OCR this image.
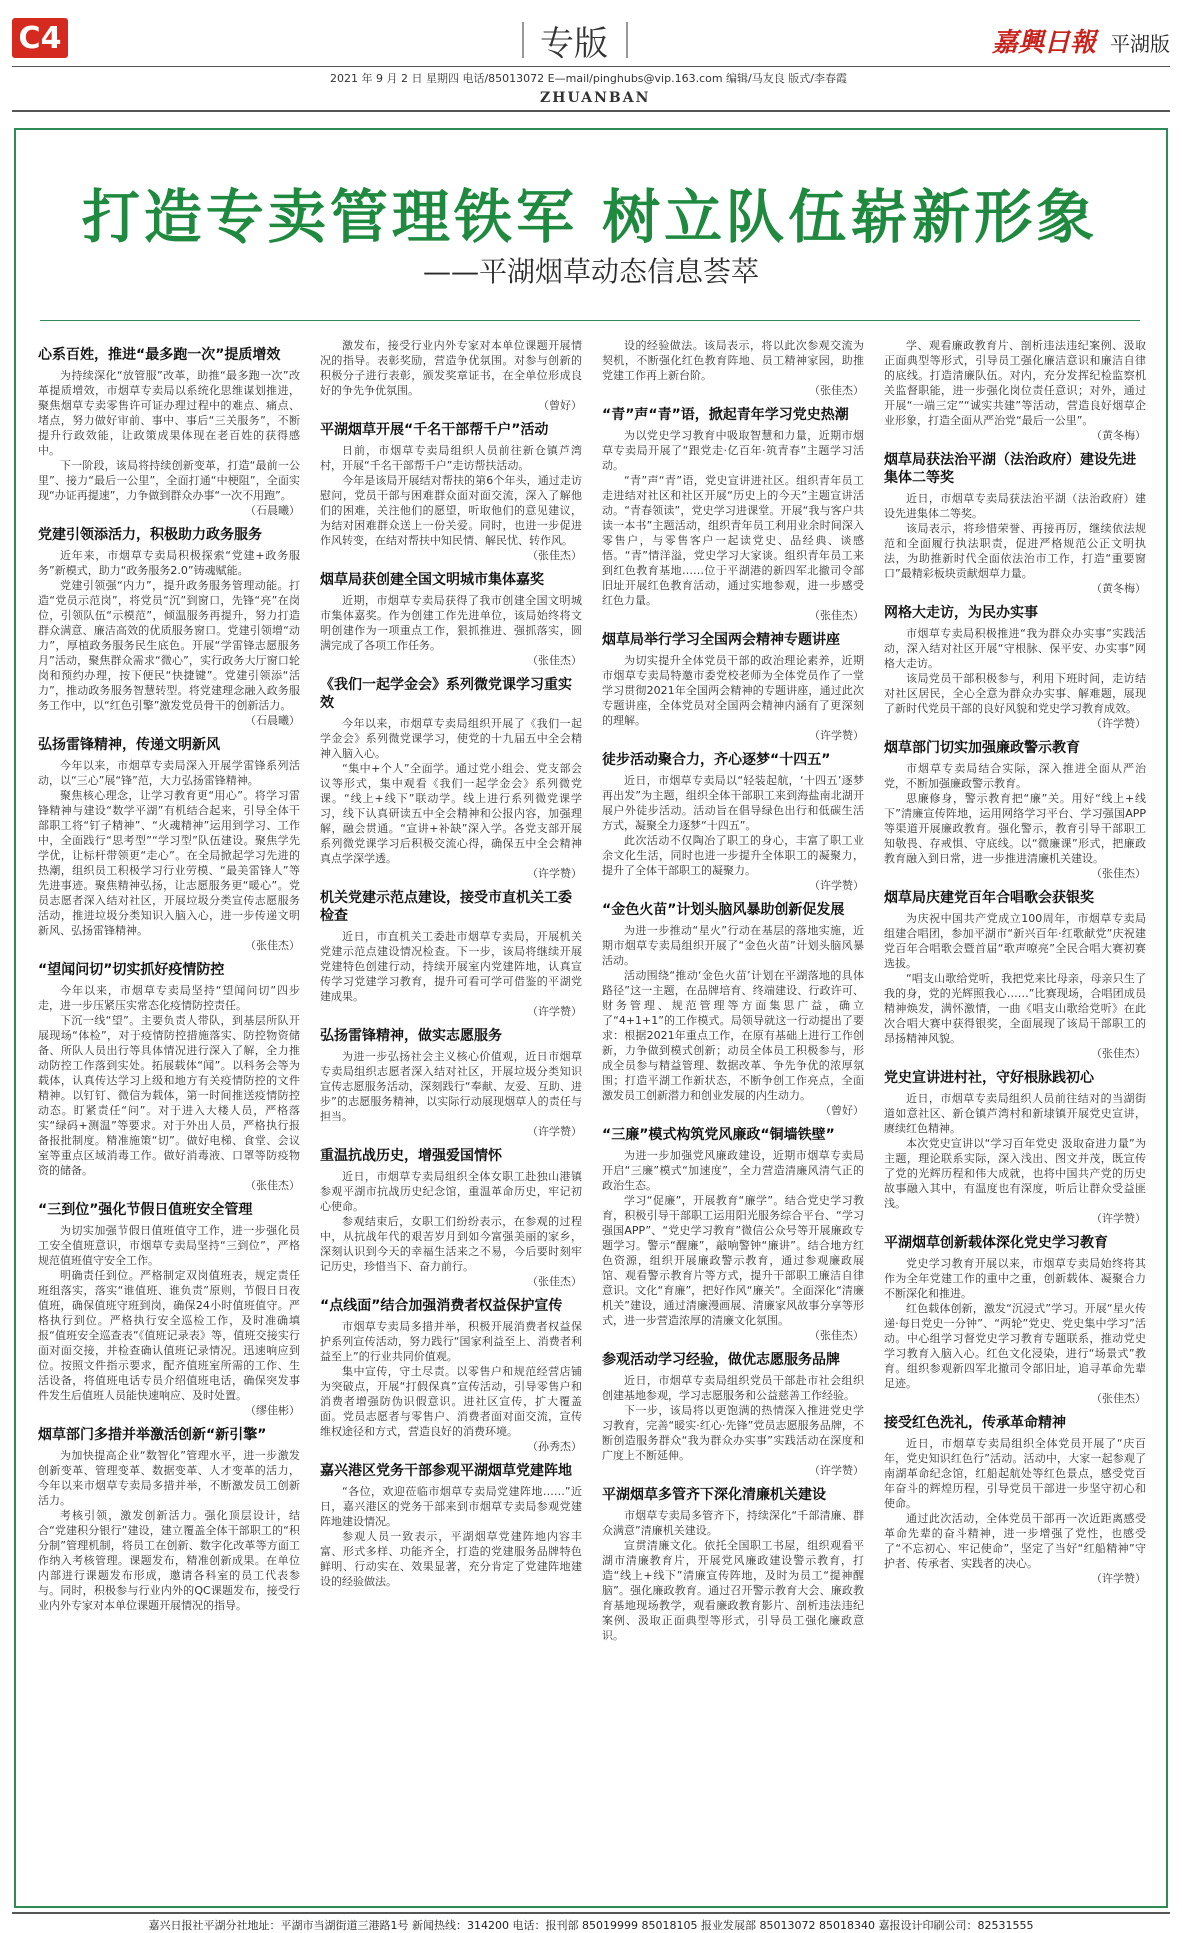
C4	专版	嘉興日報 平湖版
2021 年 9 月 2 日 星期四 电话/85013072 E—mail/pinghubs@vip.163.com 编辑/马友良 版式/李春霞
ZHUANBAN
打造专卖管理铁军 树立队伍崭新形象
——平湖烟草动态信息荟萃
心系百姓，推进“最多跑一次”提质增效

为持续深化“放管服”改革，助推“最多跑一次”改革提质增效，市烟草专卖局以系统化思维谋划推进，聚焦烟草专卖零售许可证办理过程中的难点、痛点、堵点，努力做好审前、事中、事后“三关服务”，不断提升行政效能，让政策成果体现在老百姓的获得感中。

下一阶段，该局将持续创新变革，打造“最前一公里”、接力“最后一公里”，全面打通“中梗阻”，全面实现“办证再提速”，力争做到群众办事“一次不用跑”。

（石晨曦）
党建引领添活力，积极助力政务服务

近年来，市烟草专卖局积极探索“党建+政务服务”新模式，助力“政务服务2.0”铸魂赋能。

党建引领强“内力”，提升政务服务管理动能。打造“党员示范岗”，将党员“沉”到窗口，先锋“亮”在岗位，引领队伍“示模范”，倾温服务再提升，努力打造群众满意、廉洁高效的优质服务窗口。党建引领增“动力”，厚植政务服务民生底色。开展“学雷锋志愿服务月”活动，聚焦群众需求“微心”，实行政务大厅窗口轮岗和预约办理，按下便民“快捷键”。党建引领添“活力”，推动政务服务智慧转型。将党建理念融入政务服务工作中，以“红色引擎”激发党员骨干的创新活力。

（石晨曦）
弘扬雷锋精神，传递文明新风

今年以来，市烟草专卖局深入开展学雷锋系列活动，以“三心”展“锋”范，大力弘扬雷锋精神。

聚焦核心理念，让学习教育更“用心”。将学习雷锋精神与建设“数学平湖”有机结合起来，引导全体干部职工将“钉子精神”、“火魂精神”运用到学习、工作中，全面践行“思考型”“学习型”队伍建设。聚焦学先学优，让标杆带领更“走心”。在全局掀起学习先进的热潮，组织员工积极学习行业劳模、“最美雷锋人”等先进事迹。聚焦精神弘扬，让志愿服务更“暖心”。党员志愿者深入结对社区，开展垃圾分类宣传志愿服务活动，推进垃圾分类知识入脑入心，进一步传递文明新风、弘扬雷锋精神。

（张佳杰）
“望闻问切”切实抓好疫情防控

今年以来，市烟草专卖局坚持“望闻问切”四步走，进一步压紧压实常态化疫情防控责任。

下沉一线“望”。主要负责人带队，到基层所队开展现场“体检”，对于疫情防控措施落实、防控物资储备、所队人员出行等具体情况进行深入了解，全力推动防控工作落到实处。拓展载体“闻”。以科务会等为载体，认真传达学习上级和地方有关疫情防控的文件精神。以钉钉、微信为载体，第一时间推送疫情防控动态。盯紧责任“问”。对于进入大楼人员，严格落实“绿码+测温”等要求。对于外出人员，严格执行报备报批制度。精准施策“切”。做好电梯、食堂、会议室等重点区域消毒工作。做好消毒液、口罩等防疫物资的储备。

（张佳杰）
“三到位”强化节假日值班安全管理

为切实加强节假日值班值守工作，进一步强化员工安全值班意识，市烟草专卖局坚持“三到位”，严格规范值班值守安全工作。

明确责任到位。严格制定双岗值班表，规定责任班组落实，落实“谁值班、谁负责”原则，节假日日夜值班，确保值班守班到岗，确保24小时值班值守。严格执行到位。严格执行安全巡检工作，及时准确填报“值班安全巡查表”《值班记录表》等，值班交接实行面对面交接，并检查确认值班记录情况。迅速响应到位。按照文件指示要求，配齐值班室所需的工作、生活设备，将值班电话专员介绍值班电话，确保突发事件发生后值班人员能快速响应、及时处置。

（缪佳彬）
烟草部门多措并举激活创新“新引擎”

为加快提高企业“数智化”管理水平，进一步激发创新变革、管理变革、数据变革、人才变革的活力，今年以来市烟草专卖局多措并举，不断激发员工创新活力。

考核引领，激发创新活力。强化顶层设计，结合“党建积分银行”建设，建立覆盖全体干部职工的“积分制”管理机制，将员工在创新、数字化改革等方面工作纳入考核管理。课题发布，精准创新成果。在单位内部进行课题发布形成，邀请各科室的员工代表参与。同时，积极参与行业内外的QC课题发布，接受行业内外专家对本单位课题开展情况的指导。

激发布，接受行业内外专家对本单位课题开展情况的指导。表彰奖励，营造争优氛围。对参与创新的积极分子进行表彰，颁发奖章证书，在全单位形成良好的争先争优氛围。

（曾好）
平湖烟草开展“千名干部帮千户”活动

日前，市烟草专卖局组织人员前往新仓镇芦湾村，开展“千名干部帮千户”走访帮扶活动。

今年是该局开展结对帮扶的第6个年头，通过走访慰问，党员干部与困难群众面对面交流，深入了解他们的困难，关注他们的愿望，听取他们的意见建议，为结对困难群众送上一份关爱。同时，也进一步促进作风转变，在结对帮扶中知民情、解民忧、转作风。

（张佳杰）
烟草局获创建全国文明城市集体嘉奖

近期，市烟草专卖局获得了我市创建全国文明城市集体嘉奖。作为创建工作先进单位，该局始终将文明创建作为一项重点工作，狠抓推进、强抓落实，圆满完成了各项工作任务。

（张佳杰）
《我们一起学金会》系列微党课学习重实效

今年以来，市烟草专卖局组织开展了《我们一起学金会》系列微党课学习，使党的十九届五中全会精神入脑入心。

“集中+个人”全面学。通过党小组会、党支部会议等形式，集中观看《我们一起学金会》系列微党课。“线上+线下”联动学。线上进行系列微党课学习，线下认真研读五中全会精神和公报内容，加强理解，融会贯通。“宣讲+补缺”深入学。各党支部开展系列微党课学习后积极交流心得，确保五中全会精神真点学深学透。

（许学赞）
机关党建示范点建设，接受市直机关工委检查

近日，市直机关工委赴市烟草专卖局，开展机关党建示范点建设情况检查。下一步，该局将继续开展党建特色创建行动，持续开展室内党建阵地，认真宣传学习党建学习教育，提升可看可学可借鉴的平湖党建成果。

（许学赞）
弘扬雷锋精神，做实志愿服务

为进一步弘扬社会主义核心价值观，近日市烟草专卖局组织志愿者深入结对社区，开展垃圾分类知识宣传志愿服务活动，深刻践行“奉献、友爱、互助、进步”的志愿服务精神，以实际行动展现烟草人的责任与担当。

（许学赞）
重温抗战历史，增强爱国情怀

近日，市烟草专卖局组织全体女职工赴独山港镇参观平湖市抗战历史纪念馆，重温革命历史，牢记初心使命。

参观结束后，女职工们纷纷表示，在参观的过程中，从抗战年代的艰苦岁月到如今富强美丽的家乡，深刻认识到今天的幸福生活来之不易，今后要时刻牢记历史，珍惜当下、奋力前行。

（张佳杰）
“点线面”结合加强消费者权益保护宣传

市烟草专卖局多措并举，积极开展消费者权益保护系列宣传活动，努力践行“国家利益至上、消费者利益至上”的行业共同价值观。

集中宣传，守土尽责。以零售户和规范经营店铺为突破点，开展“打假保真”宣传活动，引导零售户和消费者增强防伪识假意识。进社区宣传，扩大覆盖面。党员志愿者与零售户、消费者面对面交流，宣传维权途径和方式，营造良好的消费环境。

（孙秀杰）
嘉兴港区党务干部参观平湖烟草党建阵地

“各位，欢迎莅临市烟草专卖局党建阵地……”近日，嘉兴港区的党务干部来到市烟草专卖局参观党建阵地建设情况。

参观人员一致表示，平湖烟草党建阵地内容丰富、形式多样、功能齐全，打造的党建服务品牌特色鲜明、行动实在、效果显著，充分肯定了党建阵地建设的经验做法。

设的经验做法。该局表示，将以此次参观交流为契机，不断强化红色教育阵地、员工精神家园，助推党建工作再上新台阶。

（张佳杰）
“青”声“青”语，掀起青年学习党史热潮

为以党史学习教育中吸取智慧和力量，近期市烟草专卖局开展了“跟党走·亿百年·筑青春”主题学习活动。

“青”声“青”语，党史宣讲进社区。组织青年员工走进结对社区和社区开展“历史上的今天”主题宣讲活动。“青春领读”，党史学习进课堂。开展“我与客户共读一本书”主题活动，组织青年员工利用业余时间深入零售户，与零售客户一起读党史、品经典、谈感悟。“青”情洋溢，党史学习大家谈。组织青年员工来到红色教育基地……位于平湖港的新四军北撤司令部旧址开展红色教育活动，通过实地参观，进一步感受红色力量。

（张佳杰）
烟草局举行学习全国两会精神专题讲座

为切实提升全体党员干部的政治理论素养，近期市烟草专卖局特邀市委党校老师为全体党员作了一堂学习贯彻2021年全国两会精神的专题讲座，通过此次专题讲座，全体党员对全国两会精神内涵有了更深刻的理解。

（许学赞）
徒步活动聚合力，齐心逐梦“十四五”

近日，市烟草专卖局以“轻装起航，‘十四五’逐梦再出发”为主题，组织全体干部职工来到海盐南北湖开展户外徒步活动。活动旨在倡导绿色出行和低碳生活方式，凝聚全力逐梦“十四五”。

此次活动不仅陶冶了职工的身心，丰富了职工业余文化生活，同时也进一步提升全体职工的凝聚力，提升了全体干部职工的凝聚力。

（许学赞）
“金色火苗”计划头脑风暴助创新促发展

为进一步推动“星火”行动在基层的落地实施，近期市烟草专卖局组织开展了“金色火苗”计划头脑风暴活动。

活动围绕“推动‘金色火苗’计划在平湖落地的具体路径”这一主题，在品牌培育、终端建设、行政许可、财务管理、规范管理等方面集思广益，确立了“4+1+1”的工作模式。局领导就这一行动提出了要求：根据2021年重点工作，在原有基础上进行工作创新，力争做到模式创新；动员全体员工积极参与，形成全员参与精益管理、数据改革、争先争优的浓厚氛围；打造平湖工作新状态，不断争创工作亮点，全面激发员工创新潜力和创业发展的内生动力。

（曾好）
“三廉”模式构筑党风廉政“铜墙铁壁”

为进一步加强党风廉政建设，近期市烟草专卖局开启“三廉”模式“加速度”，全力营造清廉风清气正的政治生态。

学习“促廉”，开展教育“廉学”。结合党史学习教育，积极引导干部职工运用阳光服务综合平台、“学习强国APP”、“党史学习教育”微信公众号等开展廉政专题学习。警示“醒廉”，敲响警钟“廉讲”。结合地方红色资源，组织开展廉政警示教育，通过参观廉政展馆、观看警示教育片等方式，提升干部职工廉洁自律意识。文化“育廉”，把好作风“廉关”。全面深化“清廉机关”建设，通过清廉漫画展、清廉家风故事分享等形式，进一步营造浓厚的清廉文化氛围。

（张佳杰）
参观活动学习经验，做优志愿服务品牌

近日，市烟草专卖局组织党员干部赴市社会组织创建基地参观，学习志愿服务和公益慈善工作经验。

下一步，该局将以更饱满的热情深入推进党史学习教育，完善“暖实·红心·先锋”党员志愿服务品牌，不断创造服务群众“我为群众办实事”实践活动在深度和广度上不断延伸。

（许学赞）
平湖烟草多管齐下深化清廉机关建设

市烟草专卖局多管齐下，持续深化“千部清廉、群众满意”清廉机关建设。

宣贯清廉文化。依托全国职工书屋，组织观看平湖市清廉教育片，开展党风廉政建设警示教育，打造“线上+线下”清廉宣传阵地，及时为员工“提神醒脑”。强化廉政教育。通过召开警示教育大会、廉政教育基地现场教学，观看廉政教育影片、剖析违法违纪案例、汲取正面典型等形式，引导员工强化廉政意识。

学、观看廉政教育片、剖析违法违纪案例、汲取正面典型等形式，引导员工强化廉洁意识和廉洁自律的底线。打造清廉队伍。对内，充分发挥纪检监察机关监督职能，进一步强化岗位责任意识；对外，通过开展“一端三定”“诚实共建”等活动，营造良好烟草企业形象，打造全面从严治党“最后一公里”。

（黄冬梅）
烟草局获法治平湖（法治政府）建设先进集体二等奖

近日，市烟草专卖局获法治平湖（法治政府）建设先进集体二等奖。

该局表示，将珍惜荣誉、再接再厉，继续依法规范和全面履行执法职责，促进严格规范公正文明执法，为助推新时代全面依法治市工作，打造“重要窗口”最精彩板块贡献烟草力量。

（黄冬梅）
网格大走访，为民办实事

市烟草专卖局积极推进“我为群众办实事”实践活动，深入结对社区开展“守根脉、保平安、办实事”网格大走访。

该局党员干部积极参与，利用下班时间，走访结对社区居民，全心全意为群众办实事、解难题，展现了新时代党员干部的良好风貌和党史学习教育成效。

（许学赞）
烟草部门切实加强廉政警示教育

市烟草专卖局结合实际，深入推进全面从严治党，不断加强廉政警示教育。

思廉修身，警示教育把“廉”关。用好“线上+线下”清廉宣传阵地，运用网络学习平台、学习强国APP等渠道开展廉政教育。强化警示，教育引导干部职工知敬畏、存戒惧、守底线。以“微廉课”形式，把廉政教育融入到日常，进一步推进清廉机关建设。

（张佳杰）
烟草局庆建党百年合唱歌会获银奖

为庆祝中国共产党成立100周年，市烟草专卖局组建合唱团，参加平湖市“新兴百年·红歌献党”庆祝建党百年合唱歌会暨首届“歌声嘹亮”全民合唱大赛初赛选拔。

“唱支山歌给党听，我把党来比母亲，母亲只生了我的身，党的光辉照我心……”比赛现场，合唱团成员精神焕发，满怀激情，一曲《唱支山歌给党听》在此次合唱大赛中获得银奖，全面展现了该局干部职工的昂扬精神风貌。

（张佳杰）
党史宣讲进村社，守好根脉践初心

近日，市烟草专卖局组织人员前往结对的当湖街道如意社区、新仓镇芦湾村和新埭镇开展党史宣讲，赓续红色精神。

本次党史宣讲以“学习百年党史 汲取奋进力量”为主题，理论联系实际，深入浅出、图文并茂，既宣传了党的光辉历程和伟大成就，也将中国共产党的历史故事融入其中，有温度也有深度，听后让群众受益匪浅。

（许学赞）
平湖烟草创新载体深化党史学习教育

党史学习教育开展以来，市烟草专卖局始终将其作为全年党建工作的重中之重，创新载体、凝聚合力不断深化和推进。

红色载体创新，激发“沉浸式”学习。开展“星火传递·每日党史一分钟”、“两轮”党史、党史集中学习”活动。中心组学习督党史学习教育专题联系，推动党史学习教育入脑入心。红色文化浸染，进行“场景式”教育。组织参观新四军北撤司令部旧址，追寻革命先辈足迹。

（张佳杰）
接受红色洗礼，传承革命精神

近日，市烟草专卖局组织全体党员开展了“庆百年，党史知识红色行”活动。活动中，大家一起参观了南湖革命纪念馆，红船起航处等红色景点，感受党百年奋斗的辉煌历程，引导党员干部进一步坚守初心和使命。

通过此次活动，全体党员干部再一次近距离感受革命先辈的奋斗精神，进一步增强了党性，也感受了“不忘初心、牢记使命”，坚定了当好“红船精神”守护者、传承者、实践者的决心。

（许学赞）
嘉兴日报社平湖分社地址：平湖市当湖街道三港路1号 新闻热线：314200 电话：报刊部 85019999 85018105 报业发展部 85013072 85018340 嘉报设计印刷公司：82531555
